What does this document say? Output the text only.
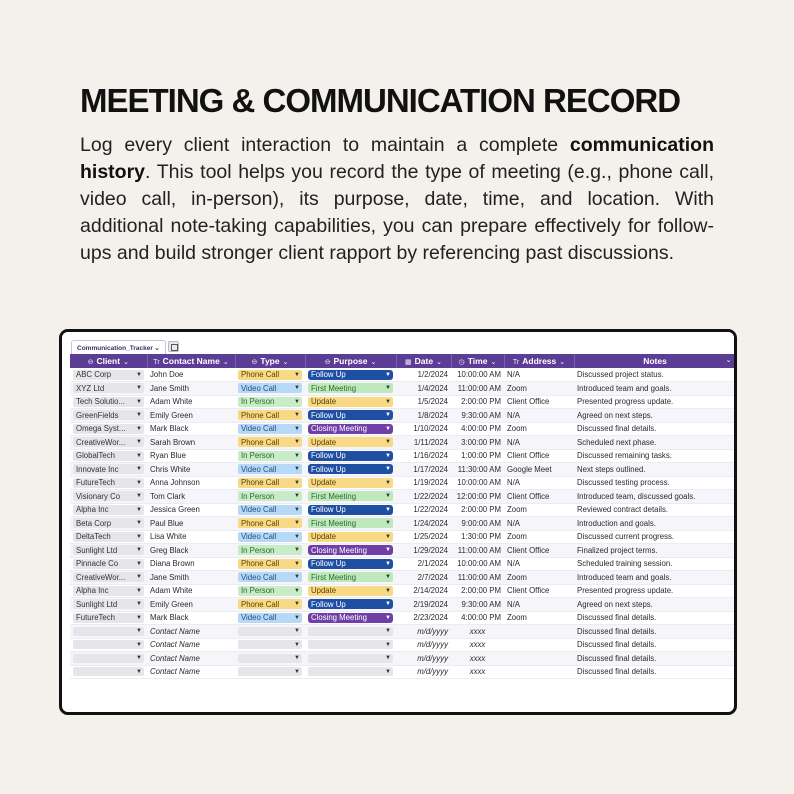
MEETING & COMMUNICATION RECORD
Log every client interaction to maintain a complete communication history. This tool helps you record the type of meeting (e.g., phone call, video call, in-person), its purpose, date, time, and location. With additional note-taking capabilities, you can prepare effectively for follow-ups and build stronger client rapport by referencing past discussions.
Communication_Tracker ⌄
⊖ Client ⌄	Tr Contact Name ⌄	⊖ Type ⌄	⊖ Purpose ⌄	▦ Date ⌄	◷ Time ⌄	Tr Address ⌄	Notes ⌄

ABC Corp ▼	John Doe	Phone Call ▼	Follow Up ▼	1/2/2024	10:00:00 AM	N/A	Discussed project status.

XYZ Ltd ▼	Jane Smith	Video Call ▼	First Meeting ▼	1/4/2024	11:00:00 AM	Zoom	Introduced team and goals.

Tech Solutio... ▼	Adam White	In Person ▼	Update ▼	1/5/2024	2:00:00 PM	Client Office	Presented progress update.

GreenFields ▼	Emily Green	Phone Call ▼	Follow Up ▼	1/8/2024	9:30:00 AM	N/A	Agreed on next steps.

Omega Syst... ▼	Mark Black	Video Call ▼	Closing Meeting ▼	1/10/2024	4:00:00 PM	Zoom	Discussed final details.

CreativeWor... ▼	Sarah Brown	Phone Call ▼	Update ▼	1/11/2024	3:00:00 PM	N/A	Scheduled next phase.

GlobalTech ▼	Ryan Blue	In Person ▼	Follow Up ▼	1/16/2024	1:00:00 PM	Client Office	Discussed remaining tasks.

Innovate Inc ▼	Chris White	Video Call ▼	Follow Up ▼	1/17/2024	11:30:00 AM	Google Meet	Next steps outlined.

FutureTech ▼	Anna Johnson	Phone Call ▼	Update ▼	1/19/2024	10:00:00 AM	N/A	Discussed testing process.

Visionary Co ▼	Tom Clark	In Person ▼	First Meeting ▼	1/22/2024	12:00:00 PM	Client Office	Introduced team, discussed goals.

Alpha Inc ▼	Jessica Green	Video Call ▼	Follow Up ▼	1/22/2024	2:00:00 PM	Zoom	Reviewed contract details.

Beta Corp ▼	Paul Blue	Phone Call ▼	First Meeting ▼	1/24/2024	9:00:00 AM	N/A	Introduction and goals.

DeltaTech ▼	Lisa White	Video Call ▼	Update ▼	1/25/2024	1:30:00 PM	Zoom	Discussed current progress.

Sunlight Ltd ▼	Greg Black	In Person ▼	Closing Meeting ▼	1/29/2024	11:00:00 AM	Client Office	Finalized project terms.

Pinnacle Co ▼	Diana Brown	Phone Call ▼	Follow Up ▼	2/1/2024	10:00:00 AM	N/A	Scheduled training session.

CreativeWor... ▼	Jane Smith	Video Call ▼	First Meeting ▼	2/7/2024	11:00:00 AM	Zoom	Introduced team and goals.

Alpha Inc ▼	Adam White	In Person ▼	Update ▼	2/14/2024	2:00:00 PM	Client Office	Presented progress update.

Sunlight Ltd ▼	Emily Green	Phone Call ▼	Follow Up ▼	2/19/2024	9:30:00 AM	N/A	Agreed on next steps.

FutureTech ▼	Mark Black	Video Call ▼	Closing Meeting ▼	2/23/2024	4:00:00 PM	Zoom	Discussed final details.

▼	Contact Name	▼	▼	m/d/yyyy	xxxx		Discussed final details.

▼	Contact Name	▼	▼	m/d/yyyy	xxxx		Discussed final details.

▼	Contact Name	▼	▼	m/d/yyyy	xxxx		Discussed final details.

▼	Contact Name	▼	▼	m/d/yyyy	xxxx		Discussed final details.
